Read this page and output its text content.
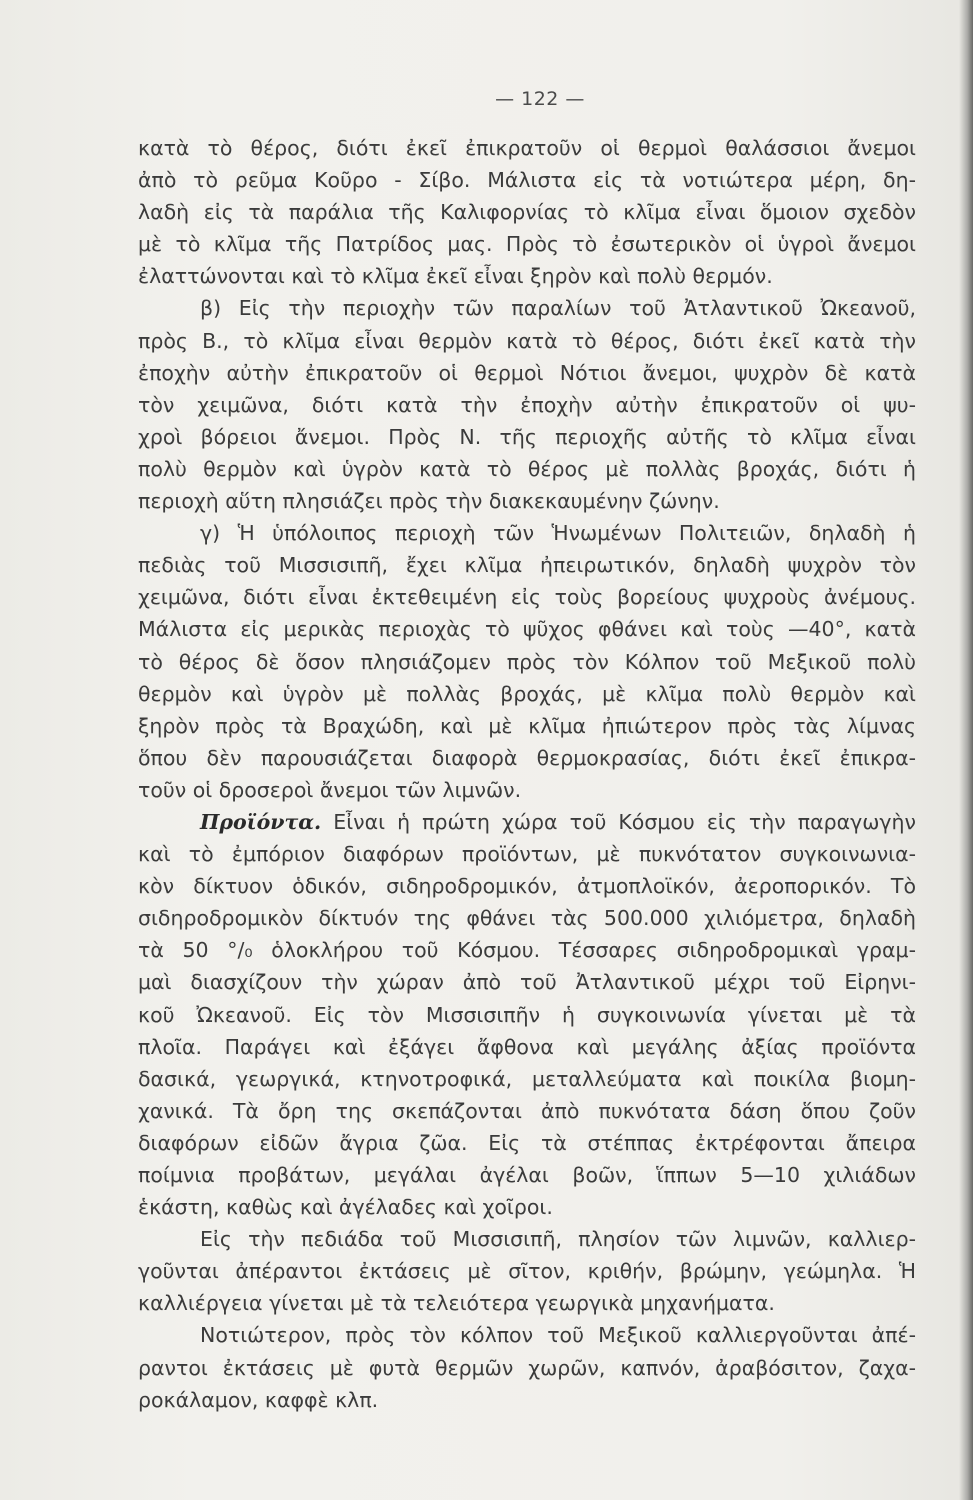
— 122 —

κατὰ τὸ θέρος, διότι ἐκεῖ ἐπικρατοῦν οἱ θερμοὶ θαλάσσιοι ἄνεμοι
ἀπὸ τὸ ρεῦμα Κοῦρο - Σίβο. Μάλιστα εἰς τὰ νοτιώτερα μέρη, δη-
λαδὴ εἰς τὰ παράλια τῆς Καλιφορνίας τὸ κλῖμα εἶναι ὅμοιον σχεδὸν
μὲ τὸ κλῖμα τῆς Πατρίδος μας. Πρὸς τὸ ἐσωτερικὸν οἱ ὑγροὶ ἄνεμοι
ἐλαττώνονται καὶ τὸ κλῖμα ἐκεῖ εἶναι ξηρὸν καὶ πολὺ θερμόν.

β) Εἰς τὴν περιοχὴν τῶν παραλίων τοῦ Ἀτλαντικοῦ Ὠκεανοῦ,
πρὸς Β., τὸ κλῖμα εἶναι θερμὸν κατὰ τὸ θέρος, διότι ἐκεῖ κατὰ τὴν
ἐποχὴν αὐτὴν ἐπικρατοῦν οἱ θερμοὶ Νότιοι ἄνεμοι, ψυχρὸν δὲ κατὰ
τὸν χειμῶνα, διότι κατὰ τὴν ἐποχὴν αὐτὴν ἐπικρατοῦν οἱ ψυ-
χροὶ βόρειοι ἄνεμοι. Πρὸς Ν. τῆς περιοχῆς αὐτῆς τὸ κλῖμα εἶναι
πολὺ θερμὸν καὶ ὑγρὸν κατὰ τὸ θέρος μὲ πολλὰς βροχάς, διότι ἡ
περιοχὴ αὕτη πλησιάζει πρὸς τὴν διακεκαυμένην ζώνην.

γ) Ἡ ὑπόλοιπος περιοχὴ τῶν Ἡνωμένων Πολιτειῶν, δηλαδὴ ἡ
πεδιὰς τοῦ Μισσισιπῆ, ἔχει κλῖμα ἠπειρωτικόν, δηλαδὴ ψυχρὸν τὸν
χειμῶνα, διότι εἶναι ἐκτεθειμένη εἰς τοὺς βορείους ψυχροὺς ἀνέμους.
Μάλιστα εἰς μερικὰς περιοχὰς τὸ ψῦχος φθάνει καὶ τοὺς —40°, κατὰ
τὸ θέρος δὲ ὅσον πλησιάζομεν πρὸς τὸν Κόλπον τοῦ Μεξικοῦ πολὺ
θερμὸν καὶ ὑγρὸν μὲ πολλὰς βροχάς, μὲ κλῖμα πολὺ θερμὸν καὶ
ξηρὸν πρὸς τὰ Βραχώδη, καὶ μὲ κλῖμα ἠπιώτερον πρὸς τὰς λίμνας
ὅπου δὲν παρουσιάζεται διαφορὰ θερμοκρασίας, διότι ἐκεῖ ἐπικρα-
τοῦν οἱ δροσεροὶ ἄνεμοι τῶν λιμνῶν.

Προϊόντα. Εἶναι ἡ πρώτη χώρα τοῦ Κόσμου εἰς τὴν παραγωγὴν
καὶ τὸ ἐμπόριον διαφόρων προϊόντων, μὲ πυκνότατον συγκοινωνια-
κὸν δίκτυον ὁδικόν, σιδηροδρομικόν, ἀτμοπλοϊκόν, ἀεροπορικόν. Τὸ
σιδηροδρομικὸν δίκτυόν της φθάνει τὰς 500.000 χιλιόμετρα, δηλαδὴ
τὰ 50 °/₀ ὁλοκλήρου τοῦ Κόσμου. Τέσσαρες σιδηροδρομικαὶ γραμ-
μαὶ διασχίζουν τὴν χώραν ἀπὸ τοῦ Ἀτλαντικοῦ μέχρι τοῦ Εἰρηνι-
κοῦ Ὠκεανοῦ. Εἰς τὸν Μισσισιπῆν ἡ συγκοινωνία γίνεται μὲ τὰ
πλοῖα. Παράγει καὶ ἐξάγει ἄφθονα καὶ μεγάλης ἀξίας προϊόντα
δασικά, γεωργικά, κτηνοτροφικά, μεταλλεύματα καὶ ποικίλα βιομη-
χανικά. Τὰ ὄρη της σκεπάζονται ἀπὸ πυκνότατα δάση ὅπου ζοῦν
διαφόρων εἰδῶν ἄγρια ζῶα. Εἰς τὰ στέππας ἐκτρέφονται ἄπειρα
ποίμνια προβάτων, μεγάλαι ἀγέλαι βοῶν, ἵππων 5—10 χιλιάδων
ἑκάστη, καθὼς καὶ ἀγέλαδες καὶ χοῖροι.

Εἰς τὴν πεδιάδα τοῦ Μισσισιπῆ, πλησίον τῶν λιμνῶν, καλλιερ-
γοῦνται ἀπέραντοι ἐκτάσεις μὲ σῖτον, κριθήν, βρώμην, γεώμηλα. Ἡ
καλλιέργεια γίνεται μὲ τὰ τελειότερα γεωργικὰ μηχανήματα.

Νοτιώτερον, πρὸς τὸν κόλπον τοῦ Μεξικοῦ καλλιεργοῦνται ἀπέ-
ραντοι ἐκτάσεις μὲ φυτὰ θερμῶν χωρῶν, καπνόν, ἀραβόσιτον, ζαχα-
ροκάλαμον, καφφὲ κλπ.
